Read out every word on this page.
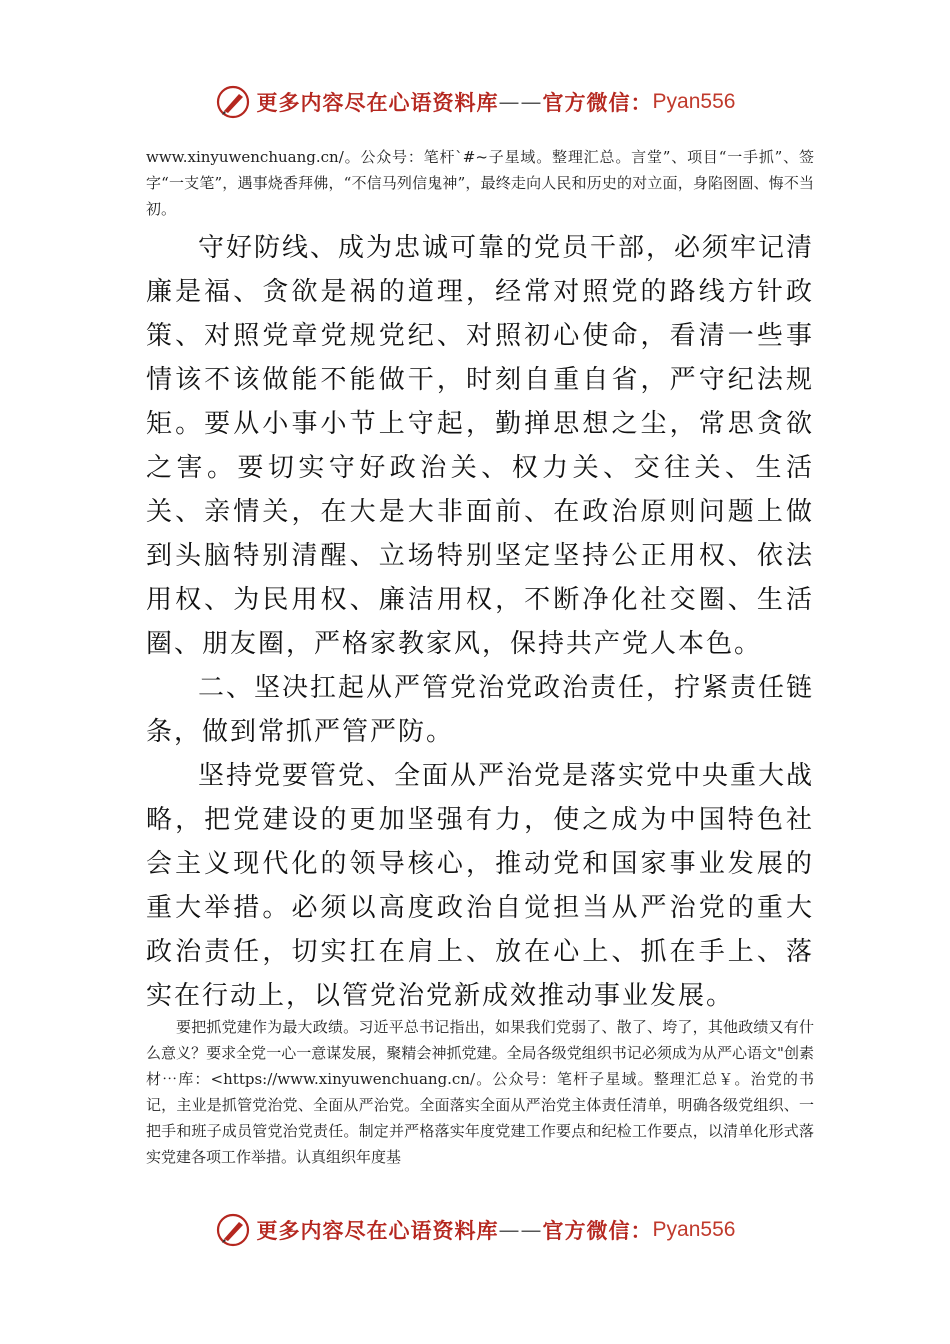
更多内容尽在心语资料库 —— 官方微信： Pyan556
www.xinyuwenchuang.cn/。公众号：笔杆`#~子星域。整理汇总。言堂”、项目“一手抓”、签字“一支笔”，遇事烧香拜佛，“不信马列信鬼神”，最终走向人民和历史的对立面，身陷囹圄、悔不当初。

守好防线、成为忠诚可靠的党员干部，必须牢记清廉是福、贪欲是祸的道理，经常对照党的路线方针政策、对照党章党规党纪、对照初心使命，看清一些事情该不该做能不能做干，时刻自重自省，严守纪法规矩。要从小事小节上守起，勤掸思想之尘，常思贪欲之害。要切实守好政治关、权力关、交往关、生活关、亲情关，在大是大非面前、在政治原则问题上做到头脑特别清醒、立场特别坚定坚持公正用权、依法用权、为民用权、廉洁用权，不断净化社交圈、生活圈、朋友圈，严格家教家风，保持共产党人本色。

二、坚决扛起从严管党治党政治责任，拧紧责任链条，做到常抓严管严防。

坚持党要管党、全面从严治党是落实党中央重大战略，把党建设的更加坚强有力，使之成为中国特色社会主义现代化的领导核心，推动党和国家事业发展的重大举措。必须以高度政治自觉担当从严治党的重大政治责任，切实扛在肩上、放在心上、抓在手上、落实在行动上，以管党治党新成效推动事业发展。

要把抓党建作为最大政绩。习近平总书记指出，如果我们党弱了、散了、垮了，其他政绩又有什么意义？要求全党一心一意谋发展，聚精会神抓党建。全局各级党组织书记必须成为从严心语文"创素材⋯库：<https://www.xinyuwenchuang.cn/。公众号：笔杆子星域。整理汇总￥。治党的书记，主业是抓管党治党、全面从严治党。全面落实全面从严治党主体责任清单，明确各级党组织、一把手和班子成员管党治党责任。制定并严格落实年度党建工作要点和纪检工作要点，以清单化形式落实党建各项工作举措。认真组织年度基
更多内容尽在心语资料库 —— 官方微信： Pyan556
